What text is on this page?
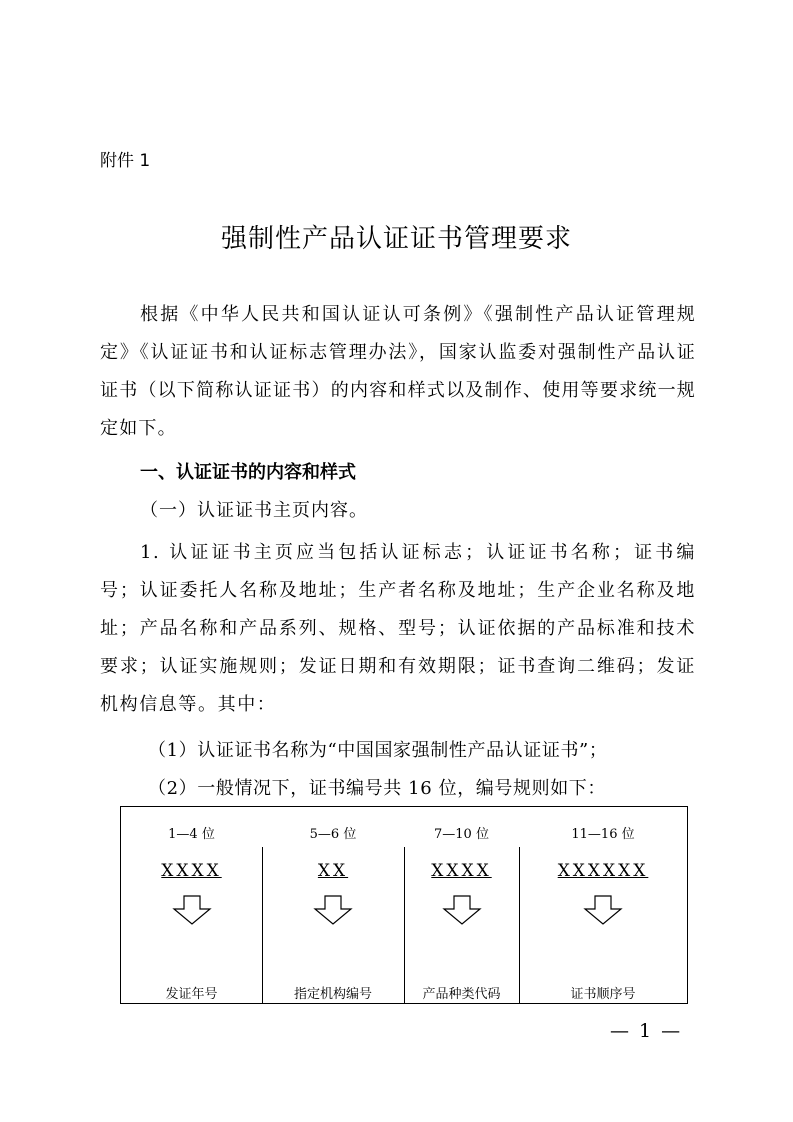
附件 1
强制性产品认证证书管理要求
根据《中华人民共和国认证认可条例》《强制性产品认证管理规定》《认证证书和认证标志管理办法》，国家认监委对强制性产品认证证书（以下简称认证证书）的内容和样式以及制作、使用等要求统一规定如下。
一、认证证书的内容和样式
（一）认证证书主页内容。
1. 认证证书主页应当包括认证标志；认证证书名称；证书编号；认证委托人名称及地址；生产者名称及地址；生产企业名称及地址；产品名称和产品系列、规格、型号；认证依据的产品标准和技术要求；认证实施规则；发证日期和有效期限；证书查询二维码；发证机构信息等。其中：
（1）认证证书名称为“中国国家强制性产品认证证书”；
（2）一般情况下，证书编号共 16 位，编号规则如下：
1—4 位
XXXX
发证年号
5—6 位
XX
指定机构编号
7—10 位
XXXX
产品种类代码
11—16 位
XXXXXX
证书顺序号
— 1 —
